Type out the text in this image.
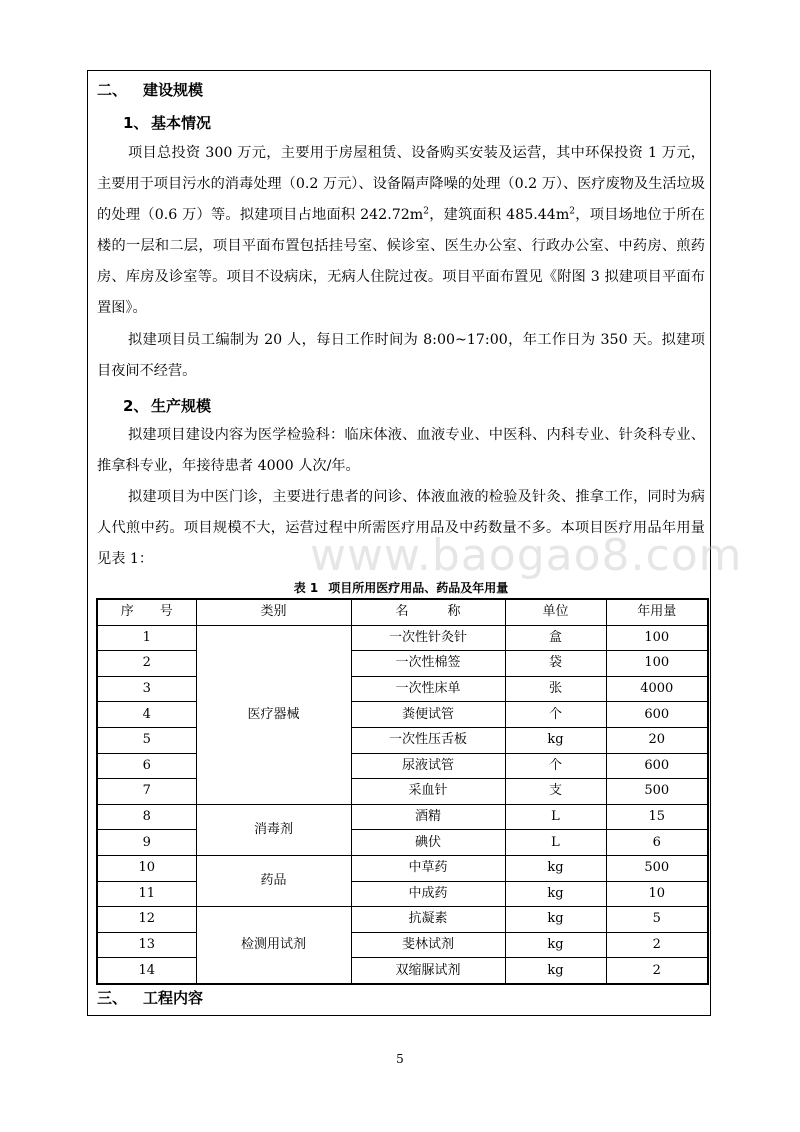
www.baogao8.com
二、 建设规模
1、 基本情况
项目总投资 300 万元，主要用于房屋租赁、设备购买安装及运营，其中环保投资 1 万元，主要用于项目污水的消毒处理（0.2 万元）、设备隔声降噪的处理（0.2 万）、医疗废物及生活垃圾的处理（0.6 万）等。拟建项目占地面积 $242.72m^2$，建筑面积 $485.44m^2$，项目场地位于所在楼的一层和二层，项目平面布置包括挂号室、候诊室、医生办公室、行政办公室、中药房、煎药房、库房及诊室等。项目不设病床，无病人住院过夜。项目平面布置见《附图 3 拟建项目平面布置图》。
拟建项目员工编制为 20 人，每日工作时间为 8:00~17:00，年工作日为 350 天。拟建项目夜间不经营。
2、 生产规模
拟建项目建设内容为医学检验科：临床体液、血液专业、中医科、内科专业、针灸科专业、推拿科专业，年接待患者 4000 人次/年。
拟建项目为中医门诊，主要进行患者的问诊、体液血液的检验及针灸、推拿工作，同时为病人代煎中药。项目规模不大，运营过程中所需医疗用品及中药数量不多。本项目医疗用品年用量见表 1：
表 1 项目所用医疗用品、药品及年用量
序　　号	类别	名　　　称	单位	年用量
1	医疗器械	一次性针灸针	盒	100
2		一次性棉签	袋	100
3		一次性床单	张	4000
4		粪便试管	个	600
5		一次性压舌板	kg	20
6		尿液试管	个	600
7		采血针	支	500
8	消毒剂	酒精	L	15
9		碘伏	L	6
10	药品	中草药	kg	500
11		中成药	kg	10
12	检测用试剂	抗凝素	kg	5
13		斐林试剂	kg	2
14		双缩脲试剂	kg	2
三、 工程内容
5
